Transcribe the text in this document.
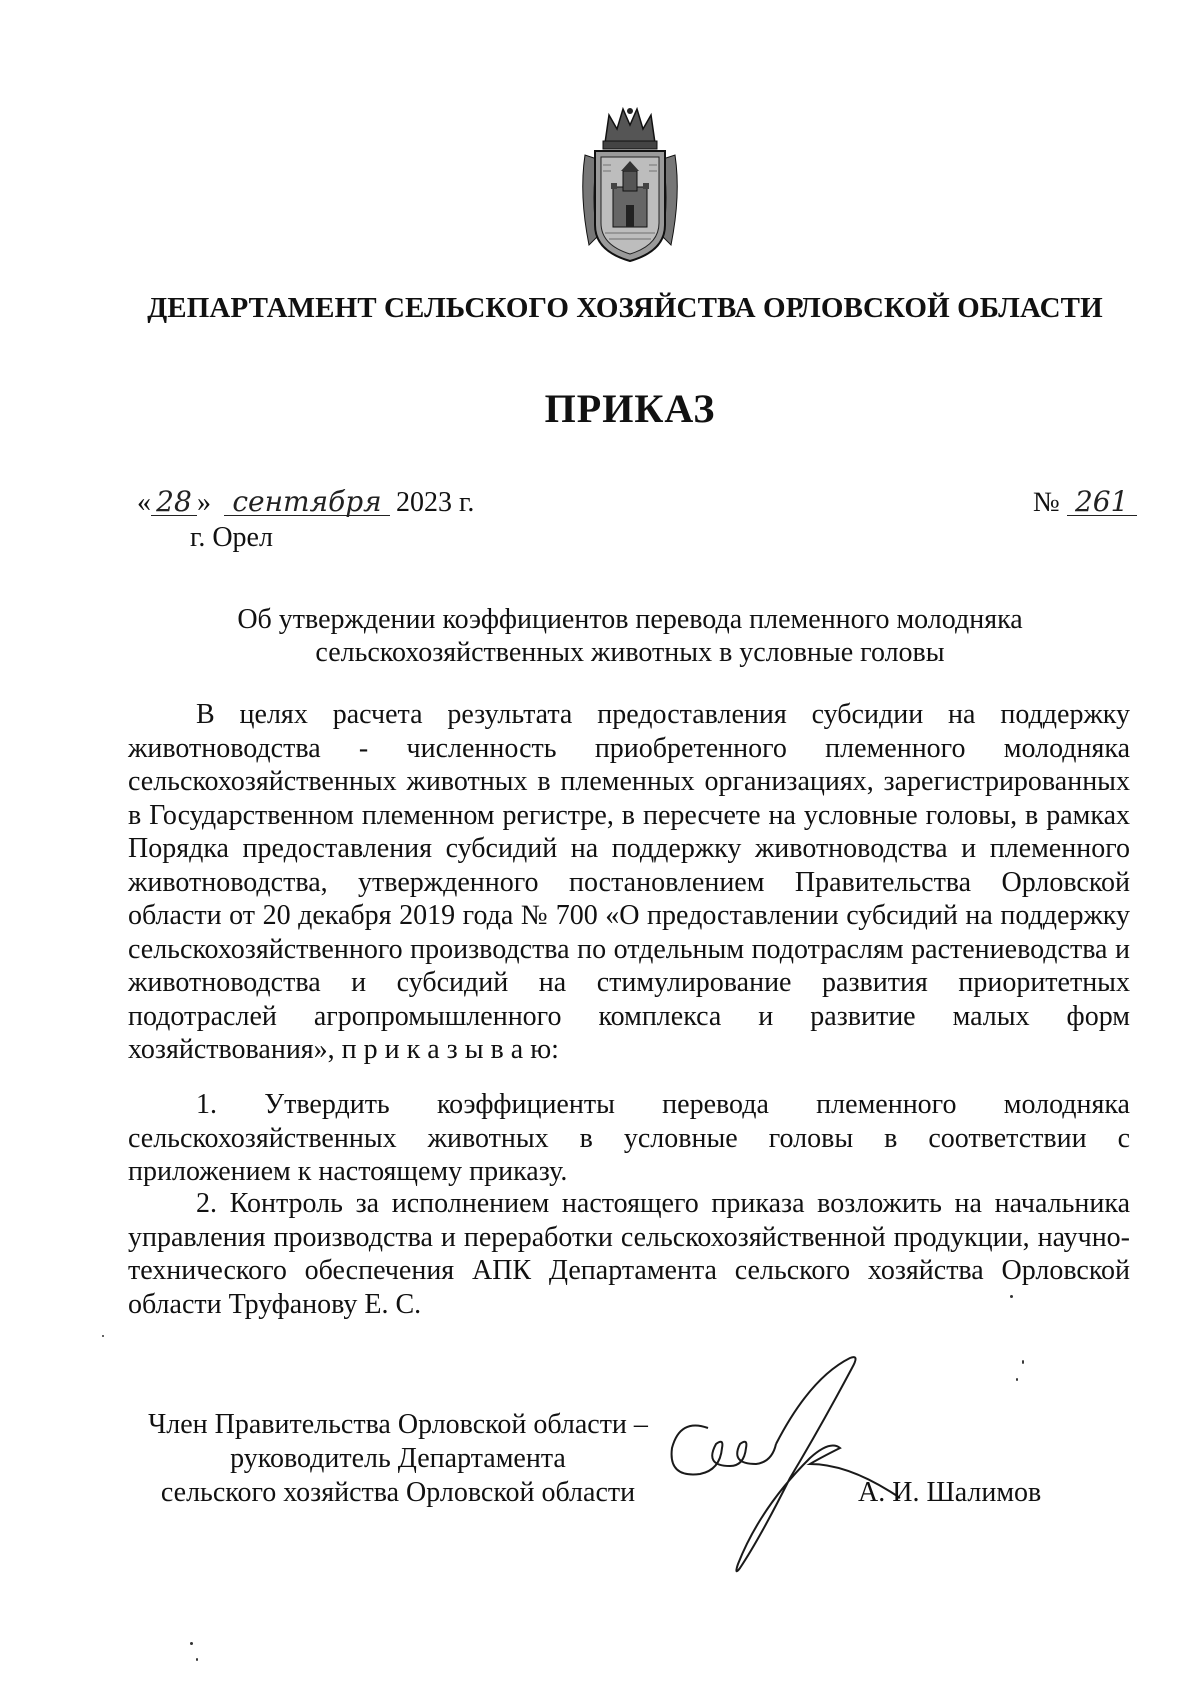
ДЕПАРТАМЕНТ СЕЛЬСКОГО ХОЗЯЙСТВА ОРЛОВСКОЙ ОБЛАСТИ
ПРИКАЗ
« 28 » сентября 2023 г.
г. Орел
№ 261
Об утверждении коэффициентов перевода племенного молодняка
сельскохозяйственных животных в условные головы

В целях расчета результата предоставления субсидии на поддержку животноводства - численность приобретенного племенного молодняка сельскохозяйственных животных в племенных организациях, зарегистрированных в Государственном племенном регистре, в пересчете на условные головы, в рамках Порядка предоставления субсидий на поддержку животноводства и племенного животноводства, утвержденного постановлением Правительства Орловской области от 20 декабря 2019 года № 700 «О предоставлении субсидий на поддержку сельскохозяйственного производства по отдельным подотраслям растениеводства и животноводства и субсидий на стимулирование развития приоритетных подотраслей агропромышленного комплекса и развитие малых форм хозяйствования», п р и к а з ы в а ю:

1. Утвердить коэффициенты перевода племенного молодняка сельскохозяйственных животных в условные головы в соответствии с приложением к настоящему приказу.

2. Контроль за исполнением настоящего приказа возложить на начальника управления производства и переработки сельскохозяйственной продукции, научно-технического обеспечения АПК Департамента сельского хозяйства Орловской области Труфанову Е. С.

Член Правительства Орловской области –
руководитель Департамента
сельского хозяйства Орловской области	А. И. Шалимов
